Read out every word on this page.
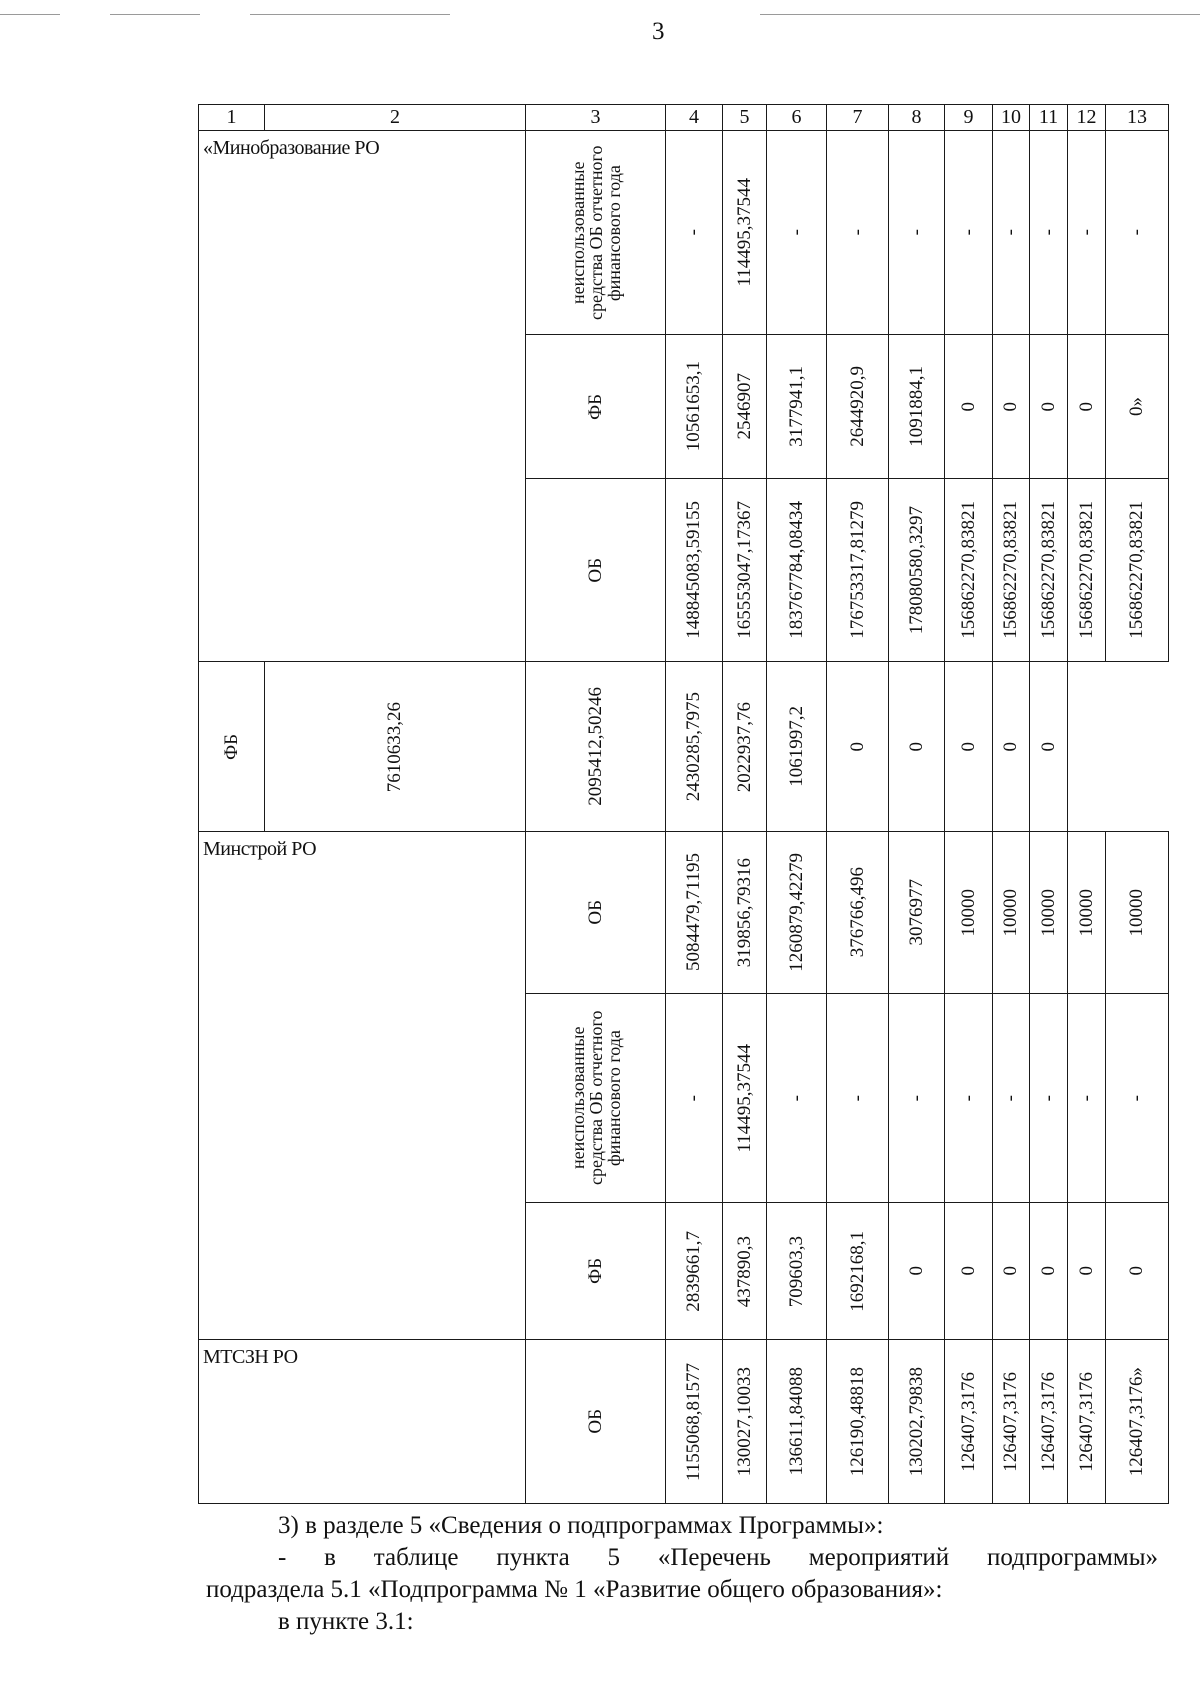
3
1	2	3	4	5	6	7	8	9	10	11	12	13

«Минобразование РО		неиспользованные средства ОБ отчетного финансового года	-	114495,37544	-	-	-	-	-	-	-	-

		ФБ	10561653,1	2546907	3177941,1	2644920,9	1091884,1	0	0	0	0	0»

		ОБ	148845083,59155	165553047,17367	183767784,08434	176753317,81279	178080580,3297	156862270,83821	156862270,83821	156862270,83821	156862270,83821	156862270,83821

ФБ	7610633,26	2095412,50246	2430285,7975	2022937,76	1061997,2	0	0	0	0	0		

Минстрой РО		ОБ	5084479,71195	319856,79316	1260879,42279	376766,496	3076977	10000	10000	10000	10000	10000

		неиспользованные средства ОБ отчетного финансового года	-	114495,37544	-	-	-	-	-	-	-	-

		ФБ	2839661,7	437890,3	709603,3	1692168,1	0	0	0	0	0	0

МТСЗН РО		ОБ	1155068,81577	130027,10033	136611,84088	126190,48818	130202,79838	126407,3176	126407,3176	126407,3176	126407,3176	126407,3176»

3) в разделе 5 «Сведения о подпрограммах Программы»:

- в таблице пункта 5 «Перечень мероприятий подпрограммы»

подраздела 5.1 «Подпрограмма № 1 «Развитие общего образования»:

в пункте 3.1:
